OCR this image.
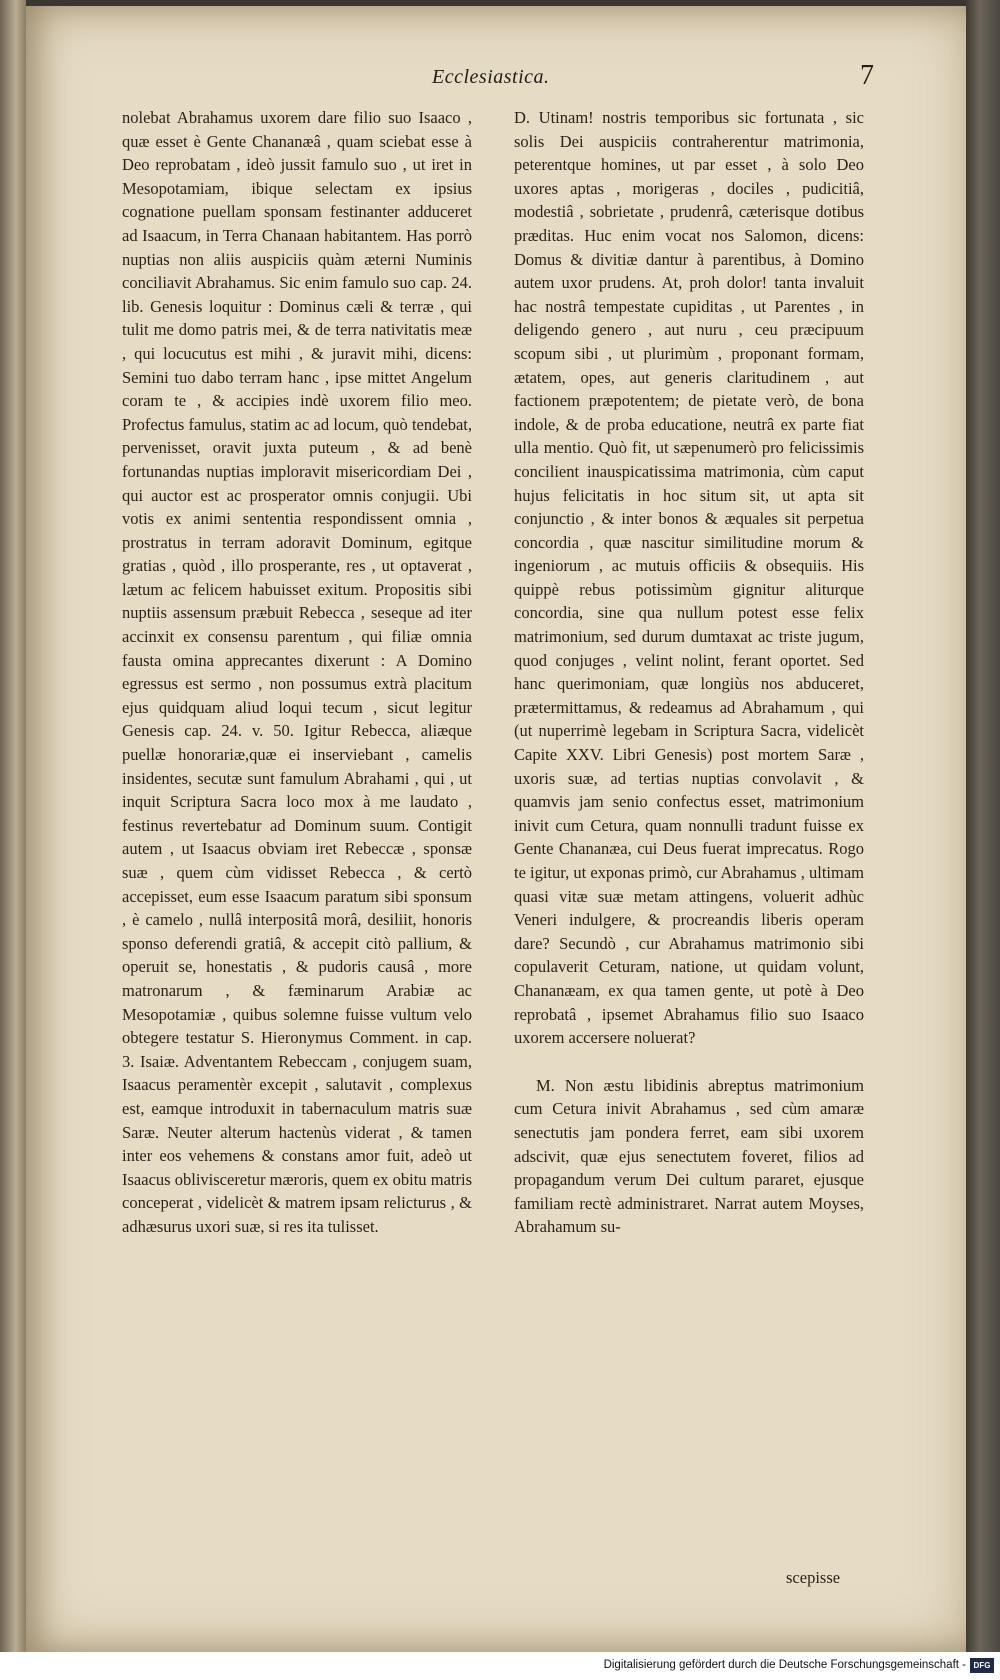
Ecclesiastica.	7

nolebat Abrahamus uxorem dare filio suo Isaaco , quæ esset è Gente Chananæâ , quam sciebat esse à Deo reprobatam , ideò jussit famulo suo , ut iret in Mesopotamiam, ibique selectam ex ipsius cognatione puellam sponsam festinanter adduceret ad Isaacum, in Terra Chanaan habitantem. Has porrò nuptias non aliis auspiciis quàm æterni Numinis conciliavit Abrahamus. Sic enim famulo suo cap. 24. lib. Genesis loquitur : Dominus cæli & terræ , qui tulit me domo patris mei, & de terra nativitatis meæ , qui locucutus est mihi , & juravit mihi, dicens: Semini tuo dabo terram hanc , ipse mittet Angelum coram te , & accipies indè uxorem filio meo. Profectus famulus, statim ac ad locum, quò tendebat, pervenisset, oravit juxta puteum , & ad benè fortunandas nuptias imploravit misericordiam Dei , qui auctor est ac prosperator omnis conjugii. Ubi votis ex animi sententia respondissent omnia , prostratus in terram adoravit Dominum, egitque gratias , quòd , illo prosperante, res , ut optaverat , lætum ac felicem habuisset exitum. Propositis sibi nuptiis assensum præbuit Rebecca , seseque ad iter accinxit ex consensu parentum , qui filiæ omnia fausta omina apprecantes dixerunt : A Domino egressus est sermo , non possumus extrà placitum ejus quidquam aliud loqui tecum , sicut legitur Genesis cap. 24. v. 50. Igitur Rebecca, aliæque puellæ honorariæ,quæ ei inserviebant , camelis insidentes, secutæ sunt famulum Abrahami , qui , ut inquit Scriptura Sacra loco mox à me laudato , festinus revertebatur ad Dominum suum. Contigit autem , ut Isaacus obviam iret Rebeccæ , sponsæ suæ , quem cùm vidisset Rebecca , & certò accepisset, eum esse Isaacum paratum sibi sponsum , è camelo , nullâ interpositâ morâ, desiliit, honoris sponso deferendi gratiâ, & accepit citò pallium, & operuit se, honestatis , & pudoris causâ , more matronarum , & fæminarum Arabiæ ac Mesopotamiæ , quibus solemne fuisse vultum velo obtegere testatur S. Hieronymus Comment. in cap. 3. Isaiæ. Adventantem Rebeccam , conjugem suam, Isaacus peramentèr excepit , salutavit , complexus est, eamque introduxit in tabernaculum matris suæ Saræ. Neuter alterum hactenùs viderat , & tamen inter eos vehemens & constans amor fuit, adeò ut Isaacus oblivisceretur mæroris, quem ex obitu matris conceperat , videlicèt & matrem ipsam relicturus , & adhæsurus uxori suæ, si res ita tulisset.

D. Utinam! nostris temporibus sic fortunata , sic solis Dei auspiciis contraherentur matrimonia, peterentque homines, ut par esset , à solo Deo uxores aptas , morigeras , dociles , pudicitiâ, modestiâ , sobrietate , prudenrâ, cæterisque dotibus præditas. Huc enim vocat nos Salomon, dicens: Domus & divitiæ dantur à parentibus, à Domino autem uxor prudens. At, proh dolor! tanta invaluit hac nostrâ tempestate cupiditas , ut Parentes , in deligendo genero , aut nuru , ceu præcipuum scopum sibi , ut plurimùm , proponant formam, ætatem, opes, aut generis claritudinem , aut factionem præpotentem; de pietate verò, de bona indole, & de proba educatione, neutrâ ex parte fiat ulla mentio. Quò fit, ut sæpenumerò pro felicissimis concilient inauspicatissima matrimonia, cùm caput hujus felicitatis in hoc situm sit, ut apta sit conjunctio , & inter bonos & æquales sit perpetua concordia , quæ nascitur similitudine morum & ingeniorum , ac mutuis officiis & obsequiis. His quippè rebus potissimùm gignitur aliturque concordia, sine qua nullum potest esse felix matrimonium, sed durum dumtaxat ac triste jugum, quod conjuges , velint nolint, ferant oportet. Sed hanc querimoniam, quæ longiùs nos abduceret, prætermittamus, & redeamus ad Abrahamum , qui (ut nuperrimè legebam in Scriptura Sacra, videlicèt Capite XXV. Libri Genesis) post mortem Saræ , uxoris suæ, ad tertias nuptias convolavit , & quamvis jam senio confectus esset, matrimonium inivit cum Cetura, quam nonnulli tradunt fuisse ex Gente Chananæa, cui Deus fuerat imprecatus. Rogo te igitur, ut exponas primò, cur Abrahamus , ultimam quasi vitæ suæ metam attingens, voluerit adhùc Veneri indulgere, & procreandis liberis operam dare? Secundò , cur Abrahamus matrimonio sibi copulaverit Ceturam, natione, ut quidam volunt, Chananæam, ex qua tamen gente, ut potè à Deo reprobatâ , ipsemet Abrahamus filio suo Isaaco uxorem accersere noluerat?

M. Non æstu libidinis abreptus matrimonium cum Cetura inivit Abrahamus , sed cùm amaræ senectutis jam pondera ferret, eam sibi uxorem adscivit, quæ ejus senectutem foveret, filios ad propagandum verum Dei cultum pararet, ejusque familiam rectè administraret. Narrat autem Moyses, Abrahamum su-

scepisse
Digitalisierung gefördert durch die Deutsche Forschungsgemeinschaft - DFG
